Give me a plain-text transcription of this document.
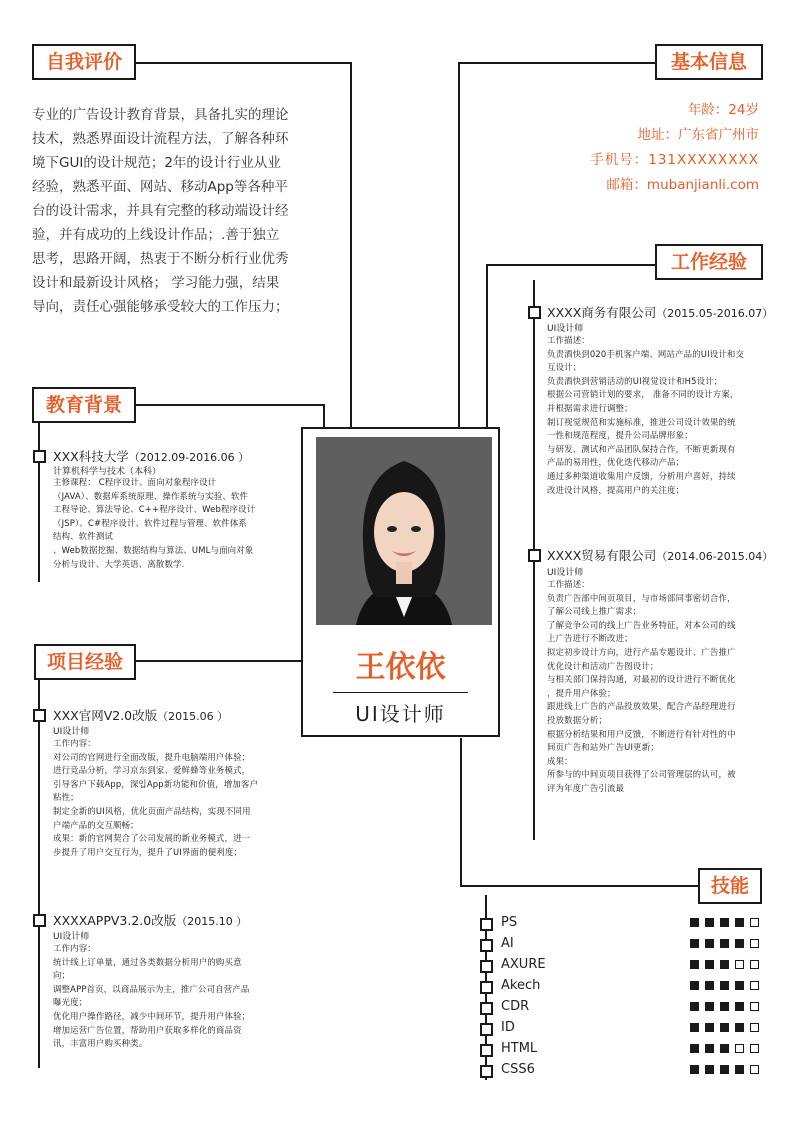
自我评价	基本信息
教育背景
工作经验
项目经验
技能
专业的广告设计教育背景，具备扎实的理论
技术，熟悉界面设计流程方法，了解各种环
境下GUI的设计规范；2年的设计行业从业
经验，熟悉平面、网站、移动App等各种平
台的设计需求，并具有完整的移动端设计经
验，并有成功的上线设计作品；.善于独立
思考，思路开阔，热衷于不断分析行业优秀
设计和最新设计风格； 学习能力强，结果
导向，责任心强能够承受较大的工作压力；
年龄：24岁
地址：广东省广州市
手机号：131XXXXXXXX
邮箱：mubanjianli.com
王依依
UI设计师
XXX科技大学（2012.09-2016.06 ）
计算机科学与技术（本科）
主修课程： C程序设计、面向对象程序设计
（JAVA）、数据库系统原理、操作系统与实验、软件
工程导论、算法导论、C++程序设计、Web程序设计
（JSP）、C#程序设计、软件过程与管理、软件体系
结构、软件测试
、Web数据挖掘、数据结构与算法、UML与面向对象
分析与设计、大学英语、离散数学.
XXXX商务有限公司（2015.05-2016.07）
UI设计师
工作描述：
负责酒快到020手机客户端、网站产品的UI设计和交
互设计；
负责酒快到营销活动的UI视觉设计和H5设计；
根据公司营销计划的要求， 准备不同的设计方案，
并根据需求进行调整；
制订视觉规范和实施标准，推进公司设计效果的统
一性和规范程度，提升公司品牌形象；
与研发、测试和产品团队保持合作，不断更新现有
产品的易用性，优化迭代移动产品；
通过多种渠道收集用户反馈，分析用户喜好，持续
改进设计风格，提高用户的关注度；
XXXX贸易有限公司（2014.06-2015.04）
UI设计师
工作描述：
负责广告部中间页项目，与市场部同事密切合作，
了解公司线上推广需求；
了解竞争公司的线上广告业务特征，对本公司的线
上广告进行不断改进；
拟定初步设计方向，进行产品专题设计、广告推广
优化设计和活动广告图设计；
与相关部门保持沟通，对最初的设计进行不断优化
，提升用户体验；
跟进线上广告的产品投放效果，配合产品经理进行
投放数据分析；
根据分析结果和用户反馈，不断进行有针对性的中
间页广告和站外广告UI更新；
成果：
所参与的中间页项目获得了公司管理层的认可，被
评为年度广告引流最
XXX官网V2.0改版（2015.06 ）
UI设计师
工作内容：
对公司的官网进行全面改版，提升电脑端用户体验；
进行竞品分析，学习京东到家、爱鲜蜂等业务模式，
引导客户下载App，深입App新功能和价值，增加客户
粘性；
制定全新的UI风格，优化页面产品结构，实现不同用
户端产品的交互顺畅；
成果：新的官网契合了公司发展的新业务模式，进一
步提升了用户交互行为，提升了UI界面的便利度；
XXXXAPPV3.2.0改版（2015.10 ）
UI设计师
工作内容：
统计线上订单量，通过各类数据分析用户的购买意
向；
调整APP首页，以商品展示为主，推广公司自营产品
曝光度；
优化用户操作路径，减少中间环节，提升用户体验；
增加运营广告位置，帮助用户获取多样化的商品资
讯，丰富用户购买种类。
PS
AI
AXURE
Akech
CDR
ID
HTML
CSS6
